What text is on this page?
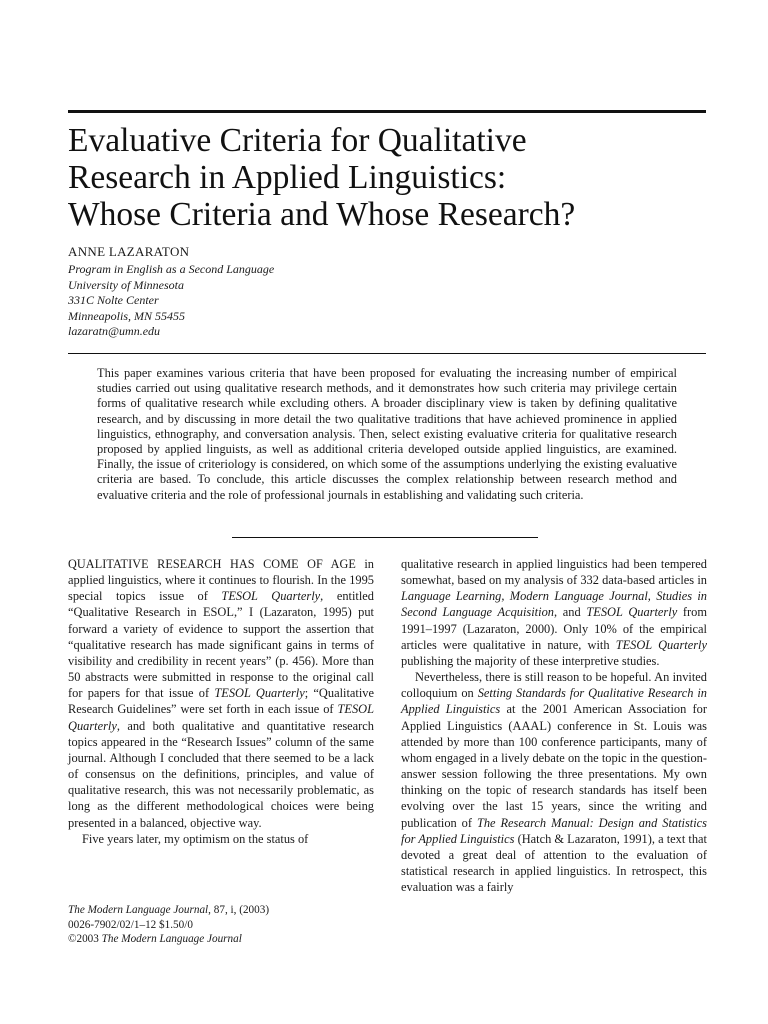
Evaluative Criteria for Qualitative
Research in Applied Linguistics:
Whose Criteria and Whose Research?
ANNE LAZARATON
Program in English as a Second Language
University of Minnesota
331C Nolte Center
Minneapolis, MN 55455
lazaratn@umn.edu

This paper examines various criteria that have been proposed for evaluating the increasing number of empirical studies carried out using qualitative research methods, and it demonstrates how such criteria may privilege certain forms of qualitative research while excluding others. A broader disciplinary view is taken by defining qualitative research, and by discussing in more detail the two qualitative traditions that have achieved prominence in applied linguistics, ethnography, and conversation analysis. Then, select existing evaluative criteria for qualitative research proposed by applied linguists, as well as additional criteria developed outside applied linguistics, are examined. Finally, the issue of criteriology is considered, on which some of the assumptions underlying the existing evaluative criteria are based. To conclude, this article discusses the complex relationship between research method and evaluative criteria and the role of professional journals in establishing and validating such criteria.

QUALITATIVE RESEARCH HAS COME OF AGE in applied linguistics, where it continues to flourish. In the 1995 special topics issue of TESOL Quarterly, entitled “Qualitative Research in ESOL,” I (Lazaraton, 1995) put forward a variety of evidence to support the assertion that “qualitative research has made significant gains in terms of visibility and credibility in recent years” (p. 456). More than 50 abstracts were submitted in response to the original call for papers for that issue of TESOL Quarterly; “Qualitative Research Guidelines” were set forth in each issue of TESOL Quarterly, and both qualitative and quantitative research topics appeared in the “Research Issues” column of the same journal. Although I concluded that there seemed to be a lack of consensus on the definitions, principles, and value of qualitative research, this was not necessarily problematic, as long as the different methodological choices were being presented in a balanced, objective way.

Five years later, my optimism on the status of

qualitative research in applied linguistics had been tempered somewhat, based on my analysis of 332 data-based articles in Language Learning, Modern Language Journal, Studies in Second Language Acquisition, and TESOL Quarterly from 1991–1997 (Lazaraton, 2000). Only 10% of the empirical articles were qualitative in nature, with TESOL Quarterly publishing the majority of these interpretive studies.

Nevertheless, there is still reason to be hopeful. An invited colloquium on Setting Standards for Qualitative Research in Applied Linguistics at the 2001 American Association for Applied Linguistics (AAAL) conference in St. Louis was attended by more than 100 conference participants, many of whom engaged in a lively debate on the topic in the question-answer session following the three presentations. My own thinking on the topic of research standards has itself been evolving over the last 15 years, since the writing and publication of The Research Manual: Design and Statistics for Applied Linguistics (Hatch & Lazaraton, 1991), a text that devoted a great deal of attention to the evaluation of statistical research in applied linguistics. In retrospect, this evaluation was a fairly

The Modern Language Journal, 87, i, (2003)
0026-7902/02/1–12 $1.50/0
©2003 The Modern Language Journal
